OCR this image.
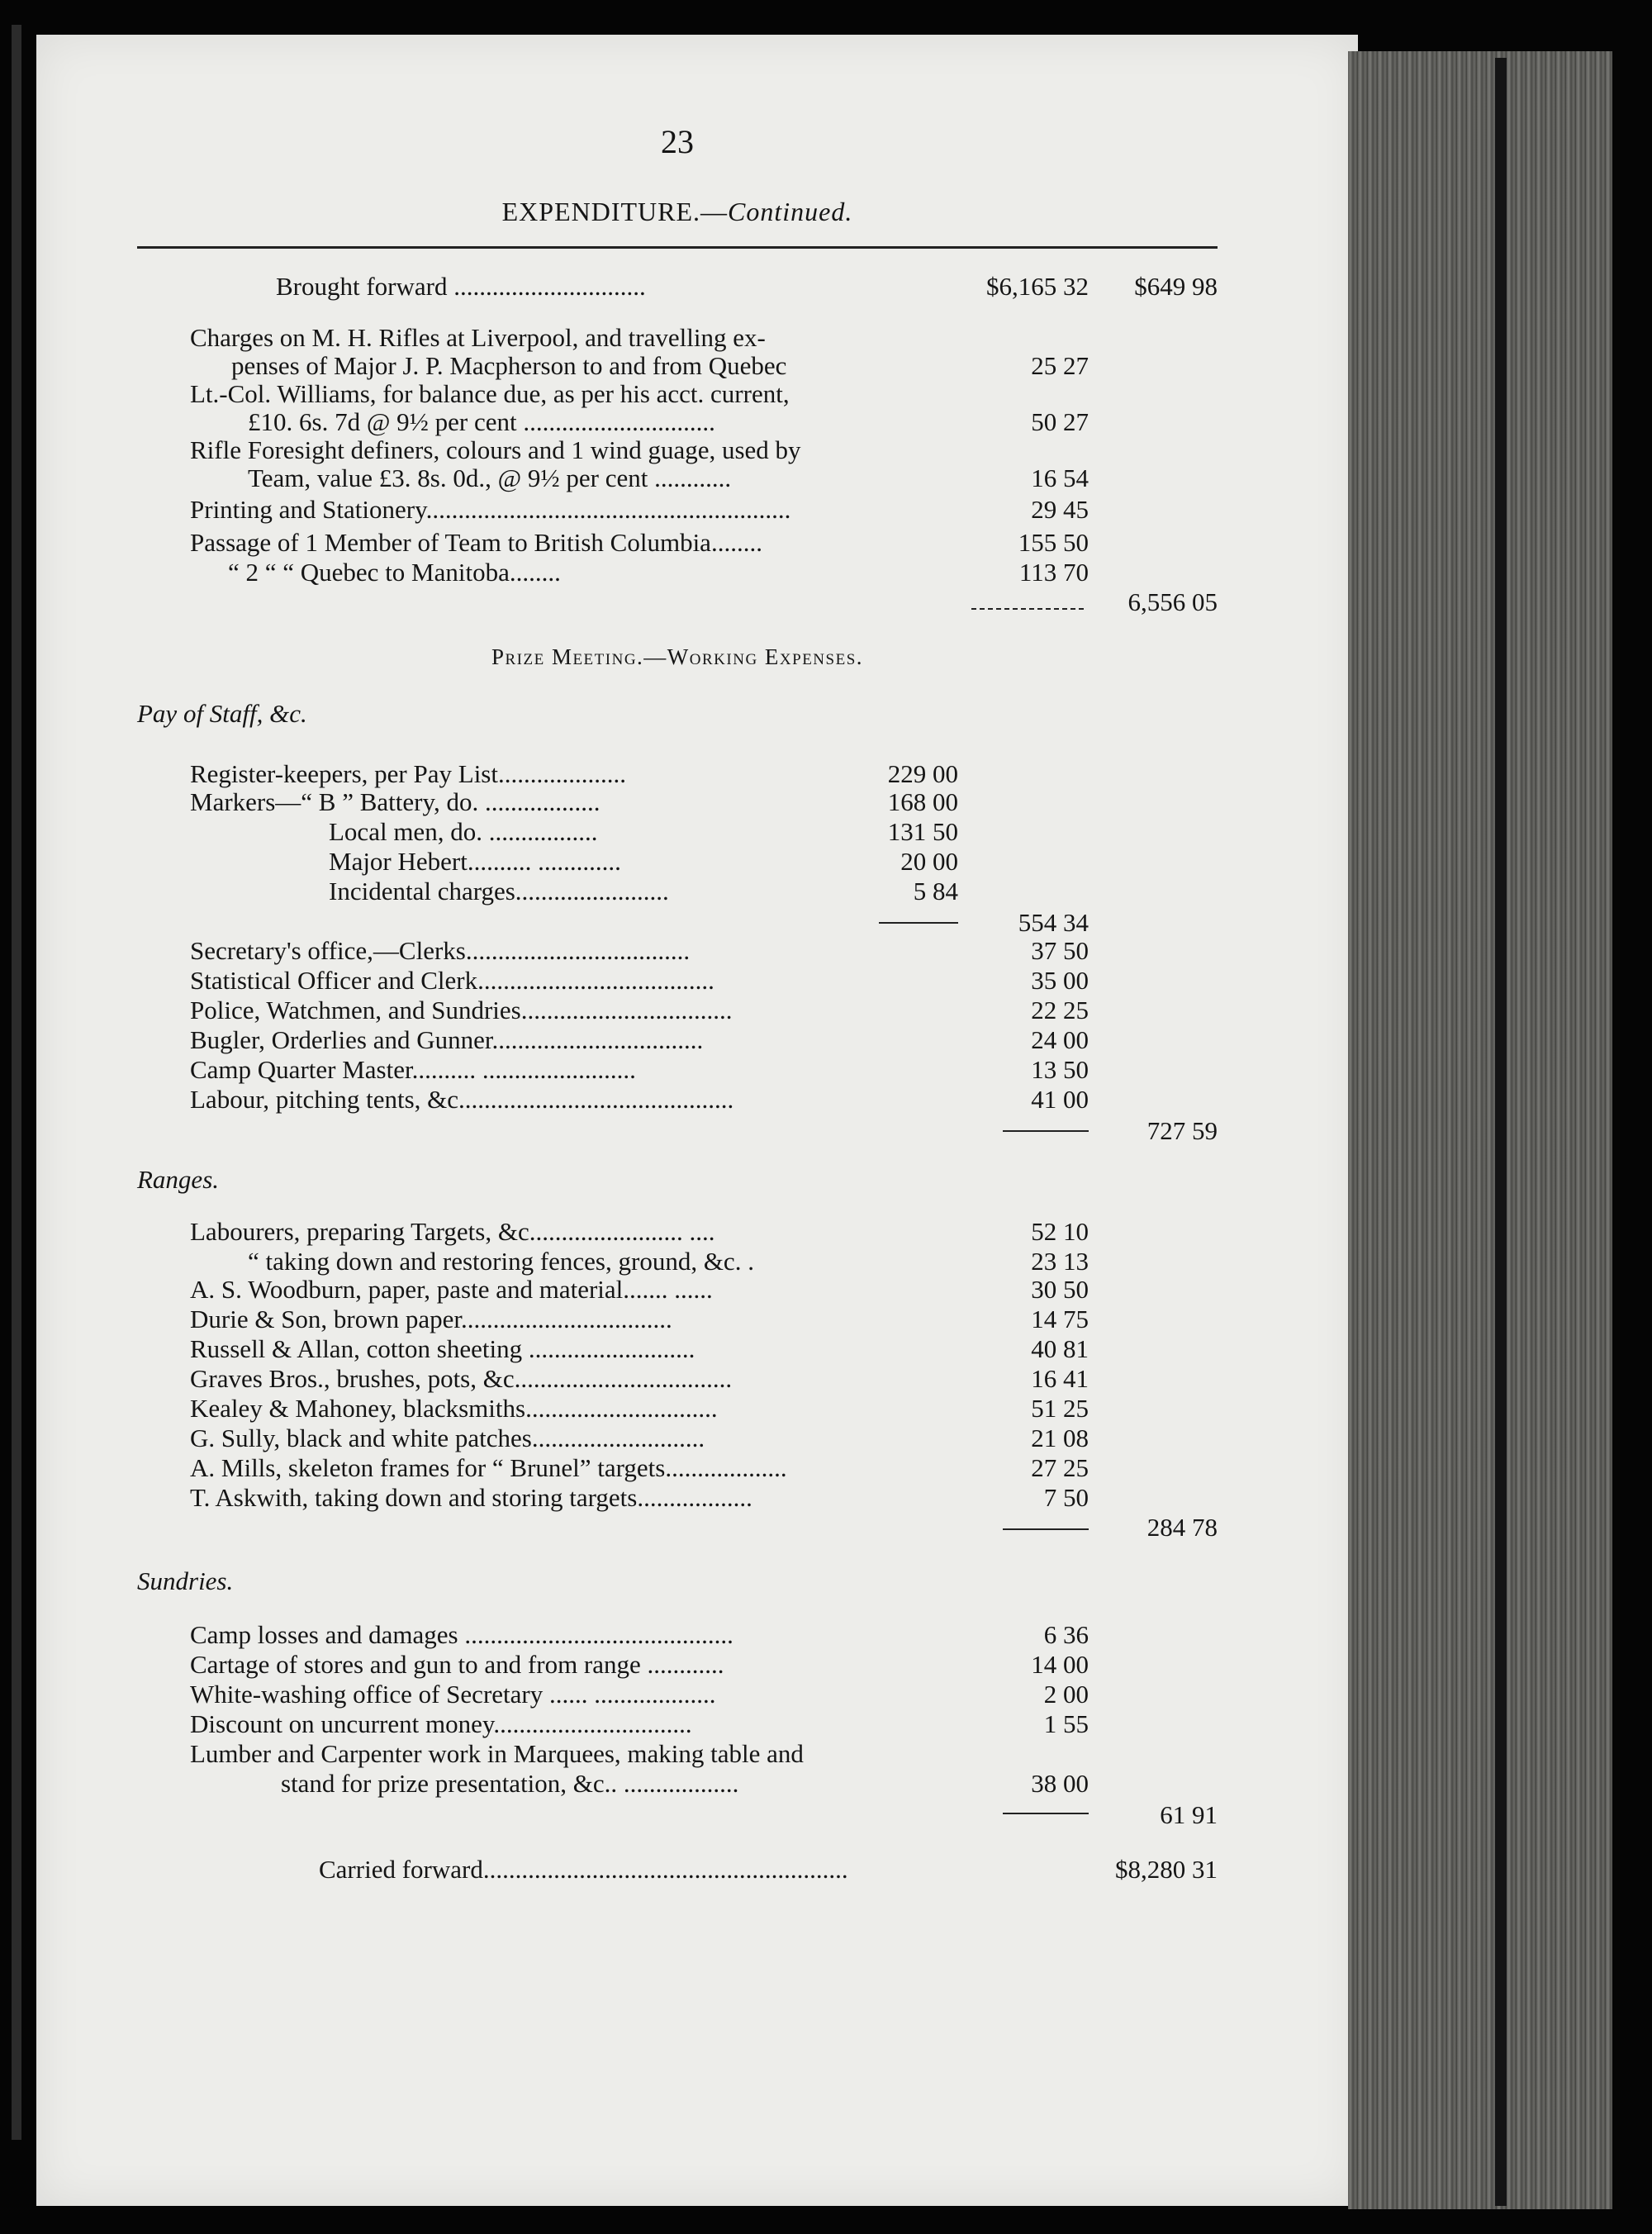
23
EXPENDITURE.—Continued.
Brought forward ..............................	$6,165 32	$649 98
Charges on M. H. Rifles at Liverpool, and travelling ex-
penses of Major J. P. Macpherson to and from Quebec	25 27
Lt.-Col. Williams, for balance due, as per his acct. current,
£10. 6s. 7d @ 9½ per cent ..............................	50 27
Rifle Foresight definers, colours and 1 wind guage, used by
Team, value £3. 8s. 0d., @ 9½ per cent ............	16 54
Printing and Stationery.........................................................	29 45
Passage of 1 Member of Team to British Columbia........	155 50
“ 2 “ “ Quebec to Manitoba........	113 70
6,556 05
Prize Meeting.—Working Expenses.
Pay of Staff, &c.
Register-keepers, per Pay List....................	229 00
Markers—“ B ” Battery, do. ..................	168 00
Local men, do. .................	131 50
Major Hebert.......... .............	20 00
Incidental charges........................	5 84
554 34
Secretary's office,—Clerks...................................	37 50
Statistical Officer and Clerk.....................................	35 00
Police, Watchmen, and Sundries.................................	22 25
Bugler, Orderlies and Gunner.................................	24 00
Camp Quarter Master.......... ........................	13 50
Labour, pitching tents, &c...........................................	41 00
727 59
Ranges.
Labourers, preparing Targets, &c........................ ....	52 10
“ taking down and restoring fences, ground, &c. .	23 13
A. S. Woodburn, paper, paste and material....... ......	30 50
Durie & Son, brown paper.................................	14 75
Russell & Allan, cotton sheeting ..........................	40 81
Graves Bros., brushes, pots, &c..................................	16 41
Kealey & Mahoney, blacksmiths..............................	51 25
G. Sully, black and white patches...........................	21 08
A. Mills, skeleton frames for “ Brunel” targets...................	27 25
T. Askwith, taking down and storing targets..................	7 50
284 78
Sundries.
Camp losses and damages ..........................................	6 36
Cartage of stores and gun to and from range ............	14 00
White-washing office of Secretary ...... ...................	2 00
Discount on uncurrent money...............................	1 55
Lumber and Carpenter work in Marquees, making table and
stand for prize presentation, &c.. ..................	38 00
61 91
Carried forward.........................................................	$8,280 31
